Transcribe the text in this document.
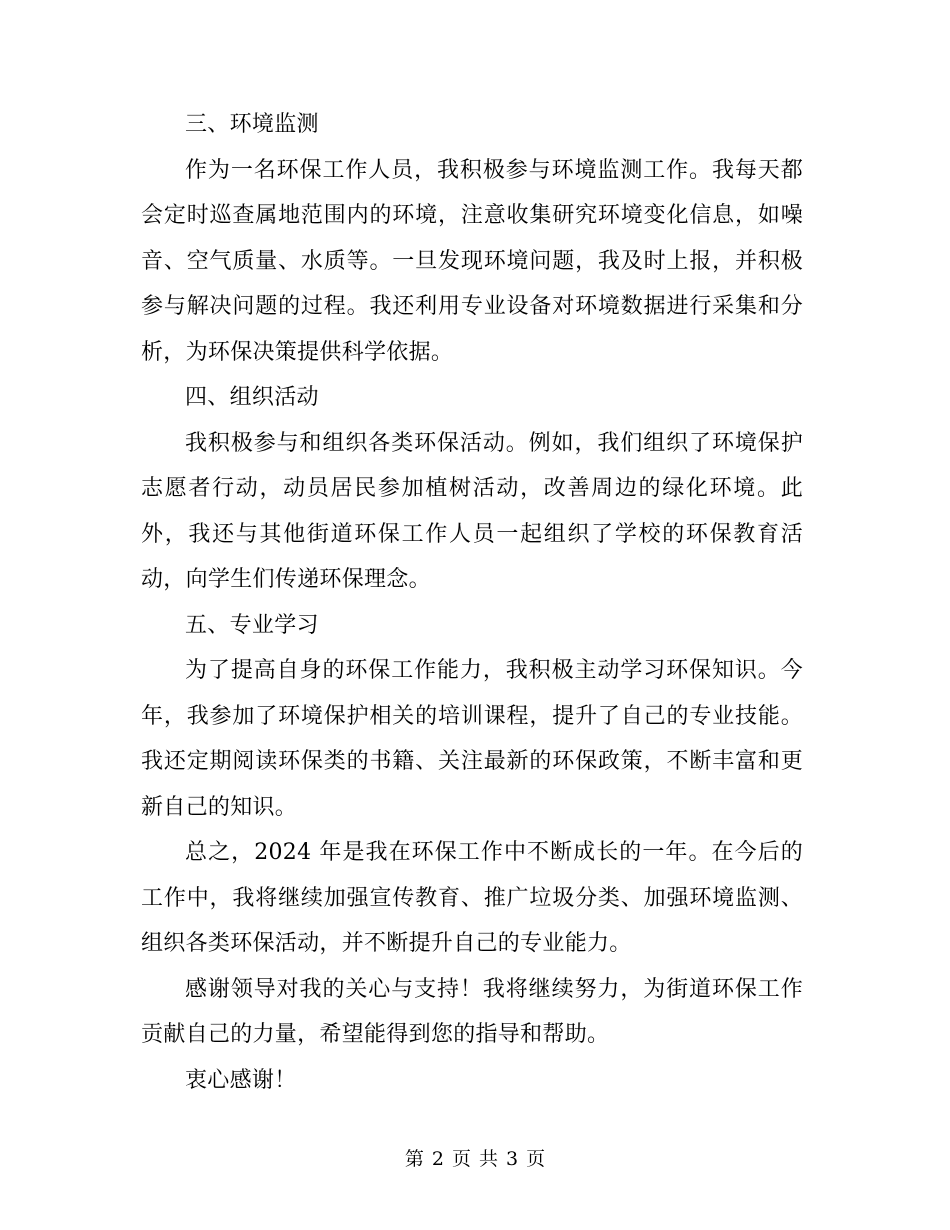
三、环境监测

作为一名环保工作人员，我积极参与环境监测工作。我每天都会定时巡查属地范围内的环境，注意收集研究环境变化信息，如噪音、空气质量、水质等。一旦发现环境问题，我及时上报，并积极参与解决问题的过程。我还利用专业设备对环境数据进行采集和分析，为环保决策提供科学依据。

四、组织活动

我积极参与和组织各类环保活动。例如，我们组织了环境保护志愿者行动，动员居民参加植树活动，改善周边的绿化环境。此外，我还与其他街道环保工作人员一起组织了学校的环保教育活动，向学生们传递环保理念。

五、专业学习

为了提高自身的环保工作能力，我积极主动学习环保知识。今年，我参加了环境保护相关的培训课程，提升了自己的专业技能。我还定期阅读环保类的书籍、关注最新的环保政策，不断丰富和更新自己的知识。

总之，2024 年是我在环保工作中不断成长的一年。在今后的工作中，我将继续加强宣传教育、推广垃圾分类、加强环境监测、组织各类环保活动，并不断提升自己的专业能力。

感谢领导对我的关心与支持！我将继续努力，为街道环保工作贡献自己的力量，希望能得到您的指导和帮助。

衷心感谢！

第 2 页 共 3 页
